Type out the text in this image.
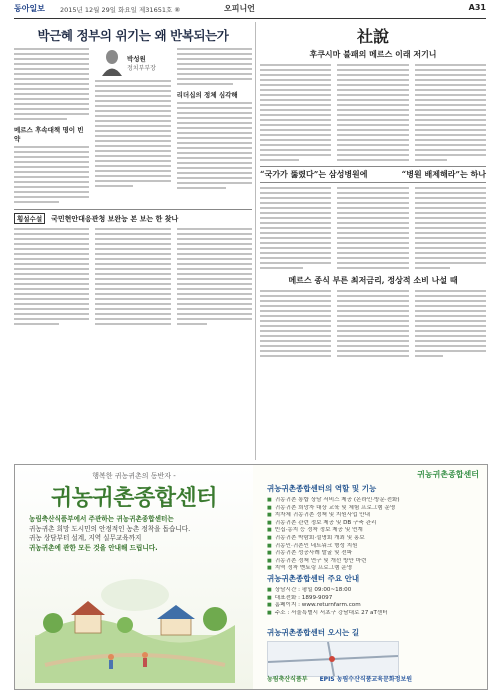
동아일보 2015년 12월 29일 화요일 제31651호 ⑧	오피니언	A31
박근혜 정부의 위기는 왜 반복되는가
메르스 후속대책 명이 빈약
박성원
정치부부장
리더십의 정체 심각해
횡설수설	국민현안대응관청 보완능 본 보는 한 찾나
社說
후쿠시마 불패의 메르스 이래 저기니
“국가가 뚫렸다”는 삼성병원에	“병원 배제해라”는 하나
메르스 종식 부른 최저금리, 정상적 소비 나설 때
행복한 귀농귀촌의 동반자 -
귀농귀촌종합센터
농림축산식품부에서 주관하는 귀농귀촌종합센터는
귀농귀촌 희망 도시민의 안정적인 농촌 정착을 돕습니다.
귀농 상담부터 설계, 지역 실무교육까지
귀농귀촌에 관한 모든 것을 안내해 드립니다.
귀농귀촌종합센터
귀농귀촌종합센터의 역할 및 기능
■ 귀농귀촌 통합 상담 서비스 제공 (온라인·방문·전화)
■ 귀농귀촌 희망자 대상 교육 및 체험 프로그램 운영
■ 지자체 귀농귀촌 정책 및 지원사업 안내
■ 귀농귀촌 관련 정보 제공 및 DB 구축 관리
■ 빈집·농지 등 정착 정보 제공 및 연계
■ 귀농귀촌 박람회·설명회 개최 및 홍보
■ 귀농인·귀촌인 네트워크 형성 지원
■ 귀농귀촌 성공사례 발굴 및 전파
■ 귀농귀촌 정책 연구 및 개선 방안 마련
■ 지역 정착 멘토링 프로그램 운영
귀농귀촌종합센터 주요 안내
■ 상담시간 : 평일 09:00~18:00
■ 대표전화 : 1899-9097
■ 홈페이지 : www.returnfarm.com
■ 주소 : 서울특별시 서초구 강남대로 27 aT센터
귀농귀촌종합센터 오시는 길
농림축산식품부 EPIS 농림수산식품교육문화정보원
